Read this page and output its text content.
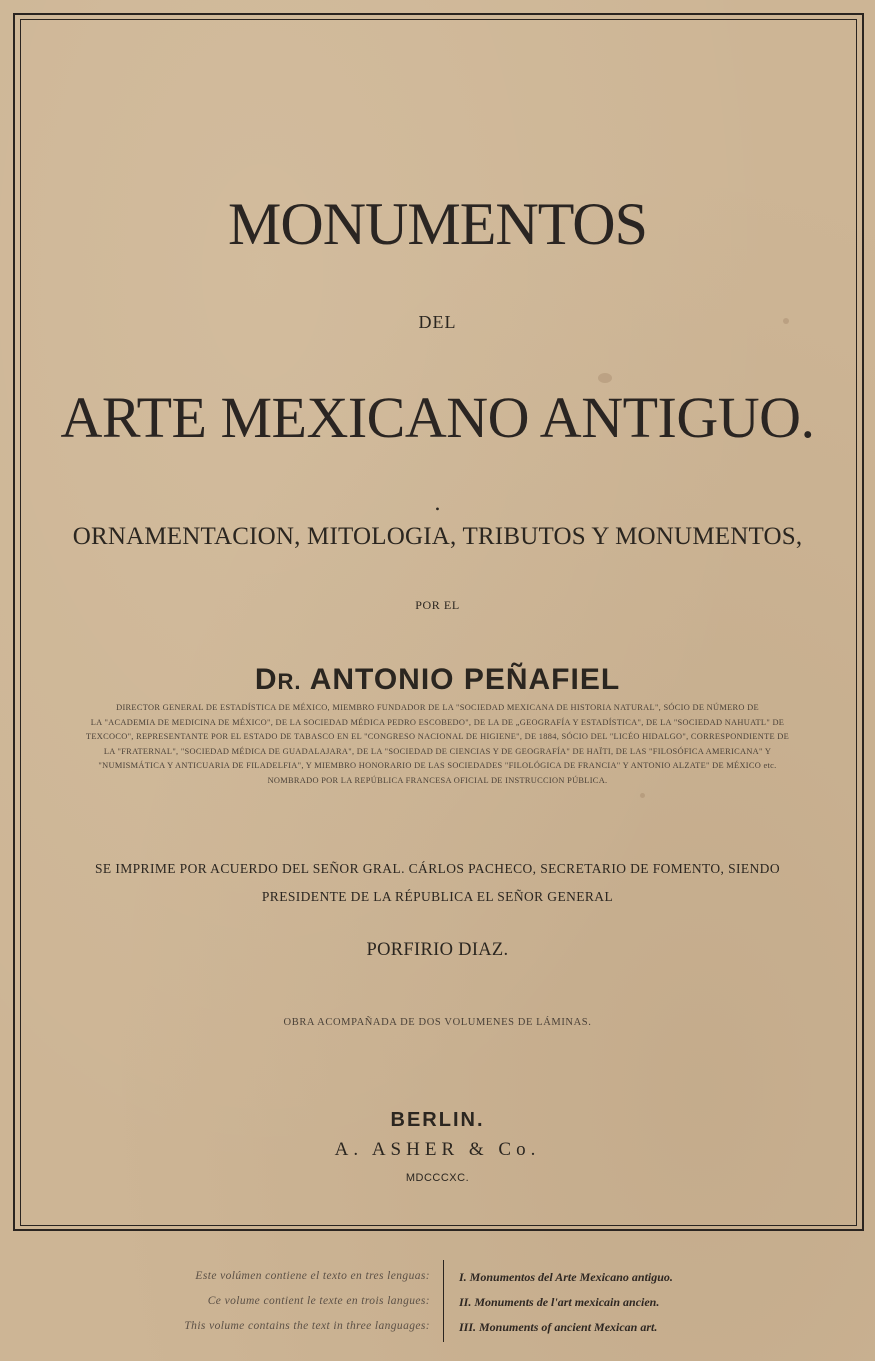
MONUMENTOS
DEL
ARTE MEXICANO ANTIGUO.
•
ORNAMENTACION, MITOLOGIA, TRIBUTOS Y MONUMENTOS,
POR EL
DR. ANTONIO PEÑAFIEL
DIRECTOR GENERAL DE ESTADÍSTICA DE MÉXICO, MIEMBRO FUNDADOR DE LA "SOCIEDAD MEXICANA DE HISTORIA NATURAL", SÓCIO DE NÚMERO DE
LA "ACADEMIA DE MEDICINA DE MÉXICO", DE LA SOCIEDAD MÉDICA PEDRO ESCOBEDO", DE LA DE „GEOGRAFÍA Y ESTADÍSTICA", DE LA "SOCIEDAD NAHUATL" DE
TEXCOCO", REPRESENTANTE POR EL ESTADO DE TABASCO EN EL "CONGRESO NACIONAL DE HIGIENE", DE 1884, SÓCIO DEL "LICÉO HIDALGO", CORRESPONDIENTE DE
LA "FRATERNAL", "SOCIEDAD MÉDICA DE GUADALAJARA", DE LA "SOCIEDAD DE CIENCIAS Y DE GEOGRAFÍA" DE HAÏTI, DE LAS "FILOSÓFICA AMERICANA" Y
"NUMISMÁTICA Y ANTICUARIA DE FILADELFIA", Y MIEMBRO HONORARIO DE LAS SOCIEDADES "FILOLÓGICA DE FRANCIA" Y ANTONIO ALZATE" DE MÉXICO etc.
NOMBRADO POR LA REPÚBLICA FRANCESA OFICIAL DE INSTRUCCION PÚBLICA.
SE IMPRIME POR ACUERDO DEL SEÑOR GRAL. CÁRLOS PACHECO, SECRETARIO DE FOMENTO, SIENDO
PRESIDENTE DE LA RÉPUBLICA EL SEÑOR GENERAL
PORFIRIO DIAZ.
OBRA ACOMPAÑADA DE DOS VOLUMENES DE LÁMINAS.
BERLIN.
A. ASHER & Co.
MDCCCXC.
Este volúmen contiene el texto en tres lenguas:
Ce volume contient le texte en trois langues:
This volume contains the text in three languages:
I. Monumentos del Arte Mexicano antiguo.
II. Monuments de l'art mexicain ancien.
III. Monuments of ancient Mexican art.
